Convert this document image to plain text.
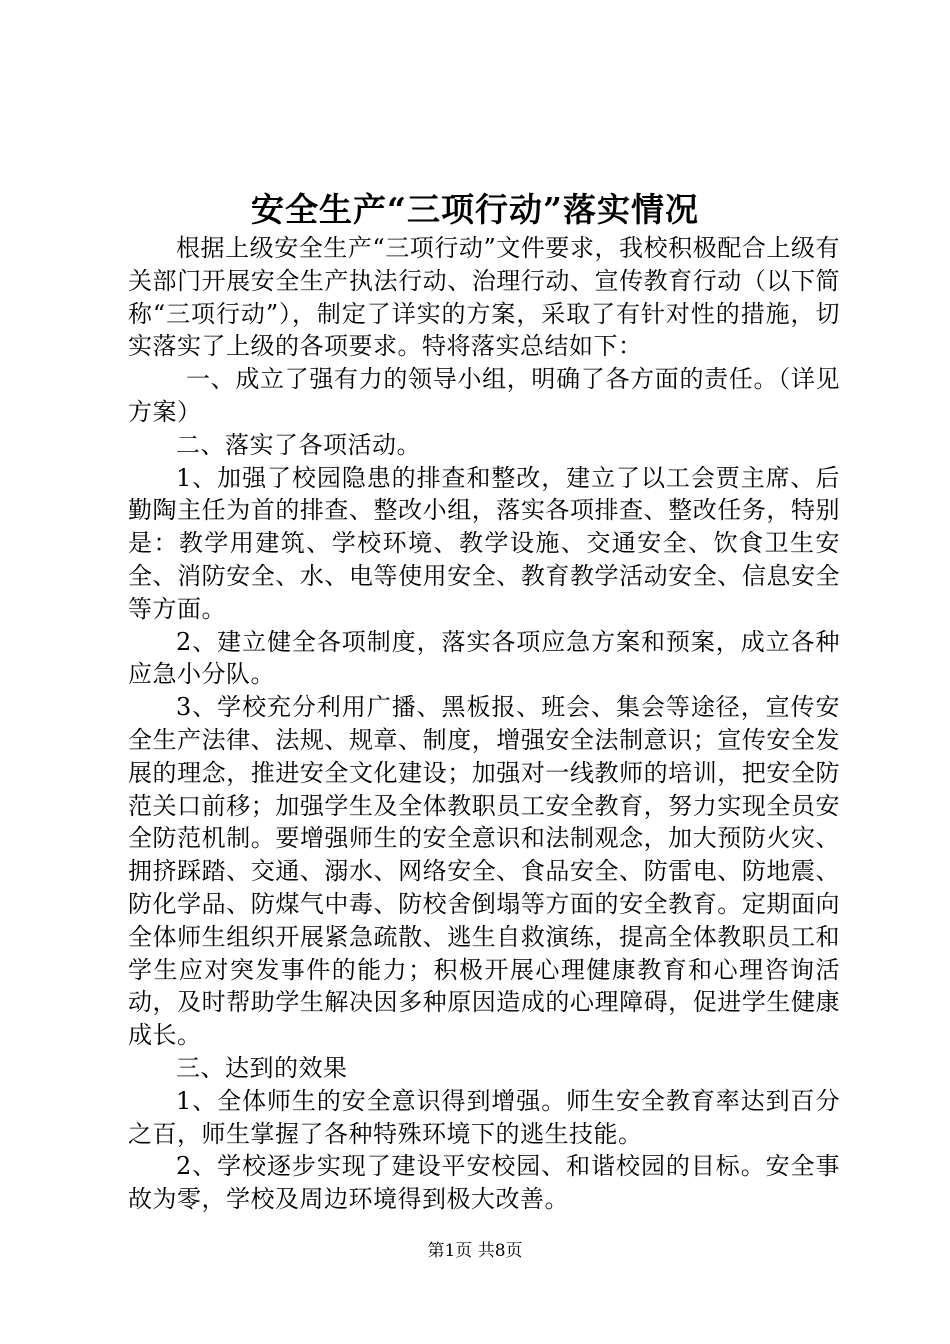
安全生产“三项行动”落实情况

根据上级安全生产“三项行动”文件要求，我校积极配合上级有关部门开展安全生产执法行动、治理行动、宣传教育行动（以下简称“三项行动”），制定了详实的方案，采取了有针对性的措施，切实落实了上级的各项要求。特将落实总结如下：

一、成立了强有力的领导小组，明确了各方面的责任。（详见方案）

二、落实了各项活动。

1、加强了校园隐患的排查和整改，建立了以工会贾主席、后勤陶主任为首的排查、整改小组，落实各项排查、整改任务，特别是：教学用建筑、学校环境、教学设施、交通安全、饮食卫生安全、消防安全、水、电等使用安全、教育教学活动安全、信息安全等方面。

2、建立健全各项制度，落实各项应急方案和预案，成立各种应急小分队。

3、学校充分利用广播、黑板报、班会、集会等途径，宣传安全生产法律、法规、规章、制度，增强安全法制意识；宣传安全发展的理念，推进安全文化建设；加强对一线教师的培训，把安全防范关口前移；加强学生及全体教职员工安全教育，努力实现全员安全防范机制。要增强师生的安全意识和法制观念，加大预防火灾、拥挤踩踏、交通、溺水、网络安全、食品安全、防雷电、防地震、防化学品、防煤气中毒、防校舍倒塌等方面的安全教育。定期面向全体师生组织开展紧急疏散、逃生自救演练，提高全体教职员工和学生应对突发事件的能力；积极开展心理健康教育和心理咨询活动，及时帮助学生解决因多种原因造成的心理障碍，促进学生健康成长。

三、达到的效果

1、全体师生的安全意识得到增强。师生安全教育率达到百分之百，师生掌握了各种特殊环境下的逃生技能。

2、学校逐步实现了建设平安校园、和谐校园的目标。安全事故为零，学校及周边环境得到极大改善。

第1页 共8页
